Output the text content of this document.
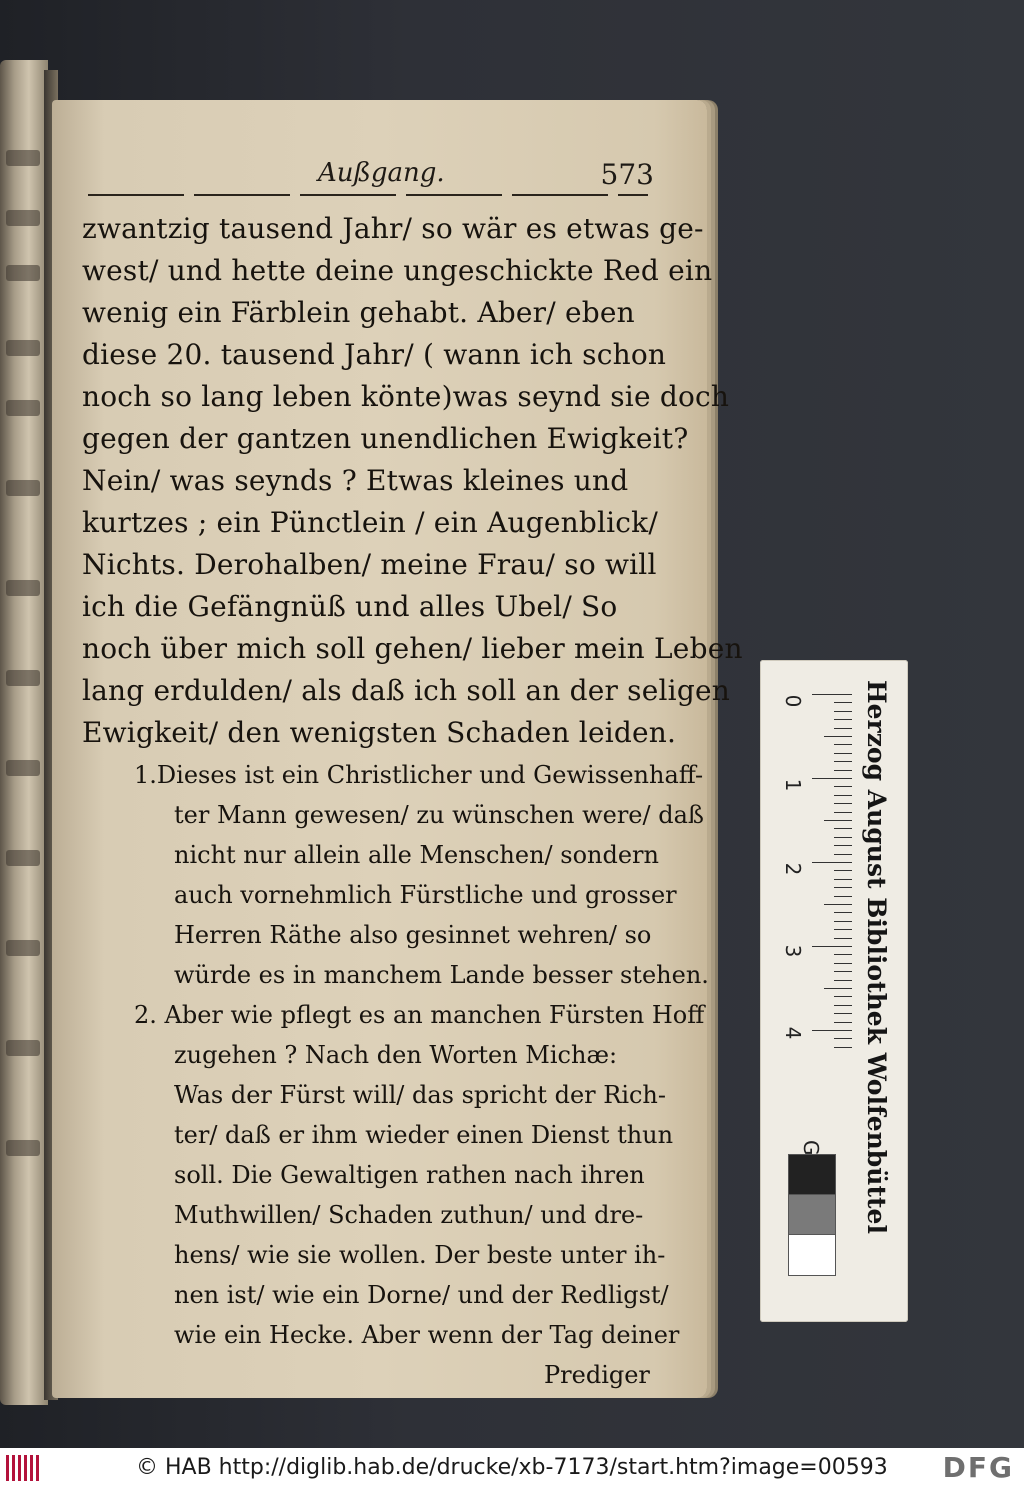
Außgang.	573
zwantzig tausend Jahr/ so wär es etwas ge-
west/ und hette deine ungeschickte Red ein
wenig ein Färblein gehabt. Aber/ eben
diese 20. tausend Jahr/ ( wann ich schon
noch so lang leben könte)was seynd sie doch
gegen der gantzen unendlichen Ewigkeit?
Nein/ was seynds ? Etwas kleines und
kurtzes ; ein Pünctlein / ein Augenblick/
Nichts. Derohalben/ meine Frau/ so will
ich die Gefängnüß und alles Ubel/ So
noch über mich soll gehen/ lieber mein Leben
lang erdulden/ als daß ich soll an der seligen
Ewigkeit/ den wenigsten Schaden leiden.
1.Dieses ist ein Christlicher und Gewissenhaff-
ter Mann gewesen/ zu wünschen were/ daß
nicht nur allein alle Menschen/ sondern
auch vornehmlich Fürstliche und grosser
Herren Räthe also gesinnet wehren/ so
würde es in manchem Lande besser stehen.
2. Aber wie pflegt es an manchen Fürsten Hoff
zugehen ? Nach den Worten Michæ:
Was der Fürst will/ das spricht der Rich-
ter/ daß er ihm wieder einen Dienst thun
soll. Die Gewaltigen rathen nach ihren
Muthwillen/ Schaden zuthun/ und dre-
hens/ wie sie wollen. Der beste unter ih-
nen ist/ wie ein Dorne/ und der Redligst/
wie ein Hecke. Aber wenn der Tag deiner
Prediger
Herzog August Bibliothek Wolfenbüttel
0
1
2
3
4
© HAB http://diglib.hab.de/drucke/xb-7173/start.htm?image=00593	DFG
